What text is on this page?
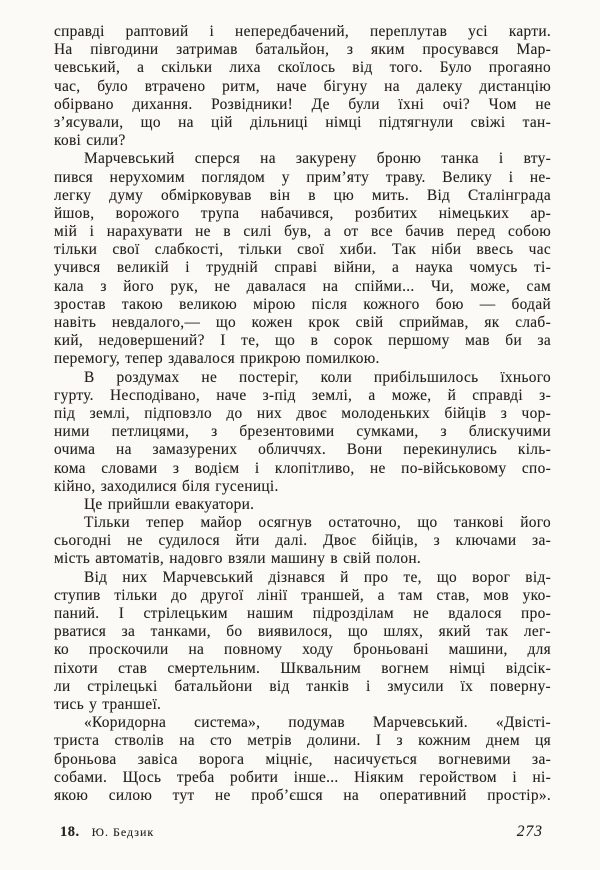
справді раптовий і непередбачений, переплутав усі карти.
На півгодини затримав батальйон, з яким просувався Мар-
чевський, а скільки лиха скоїлось від того. Було прогаяно
час, було втрачено ритм, наче бігуну на далеку дистанцію
обірвано дихання. Розвідники! Де були їхні очі? Чом не
з’ясували, що на цій дільниці німці підтягнули свіжі тан-
кові сили?
Марчевський сперся на закурену броню танка і вту-
пився нерухомим поглядом у прим’яту траву. Велику і не-
легку думу обмірковував він в цю мить. Від Сталінграда
йшов, ворожого трупа набачився, розбитих німецьких ар-
мій і нарахувати не в силі був, а от все бачив перед собою
тільки свої слабкості, тільки свої хиби. Так ніби ввесь час
учився великій і трудній справі війни, а наука чомусь ті-
кала з його рук, не давалася на спійми... Чи, може, сам
зростав такою великою мірою після кожного бою — бодай
навіть невдалого,— що кожен крок свій сприймав, як слаб-
кий, недовершений? І те, що в сорок першому мав би за
перемогу, тепер здавалося прикрою помилкою.
В роздумах не постеріг, коли прибільшилось їхнього
гурту. Несподівано, наче з-під землі, а може, й справді з-
під землі, підповзло до них двоє молоденьких бійців з чор-
ними петлицями, з брезентовими сумками, з блискучими
очима на замазурених обличчях. Вони перекинулись кіль-
кома словами з водієм і клопітливо, не по-військовому спо-
кійно, заходилися біля гусениці.
Це прийшли евакуатори.
Тільки тепер майор осягнув остаточно, що танкові його
сьогодні не судилося йти далі. Двоє бійців, з ключами за-
мість автоматів, надовго взяли машину в свій полон.
Від них Марчевський дізнався й про те, що ворог від-
ступив тільки до другої лінії траншей, а там став, мов уко-
паний. І стрілецьким нашим підрозділам не вдалося про-
рватися за танками, бо виявилося, що шлях, який так лег-
ко проскочили на повному ходу броньовані машини, для
піхоти став смертельним. Шквальним вогнем німці відсік-
ли стрілецькі батальйони від танків і змусили їх поверну-
тись у траншеї.
«Коридорна система», подумав Марчевський. «Двісті-
триста стволів на сто метрів долини. І з кожним днем ця
броньова завіса ворога міцніє, насичується вогневими за-
собами. Щось треба робити інше... Ніяким геройством і ні-
якою силою тут не проб’єшся на оперативний простір».
18. Ю. Бедзик	273
